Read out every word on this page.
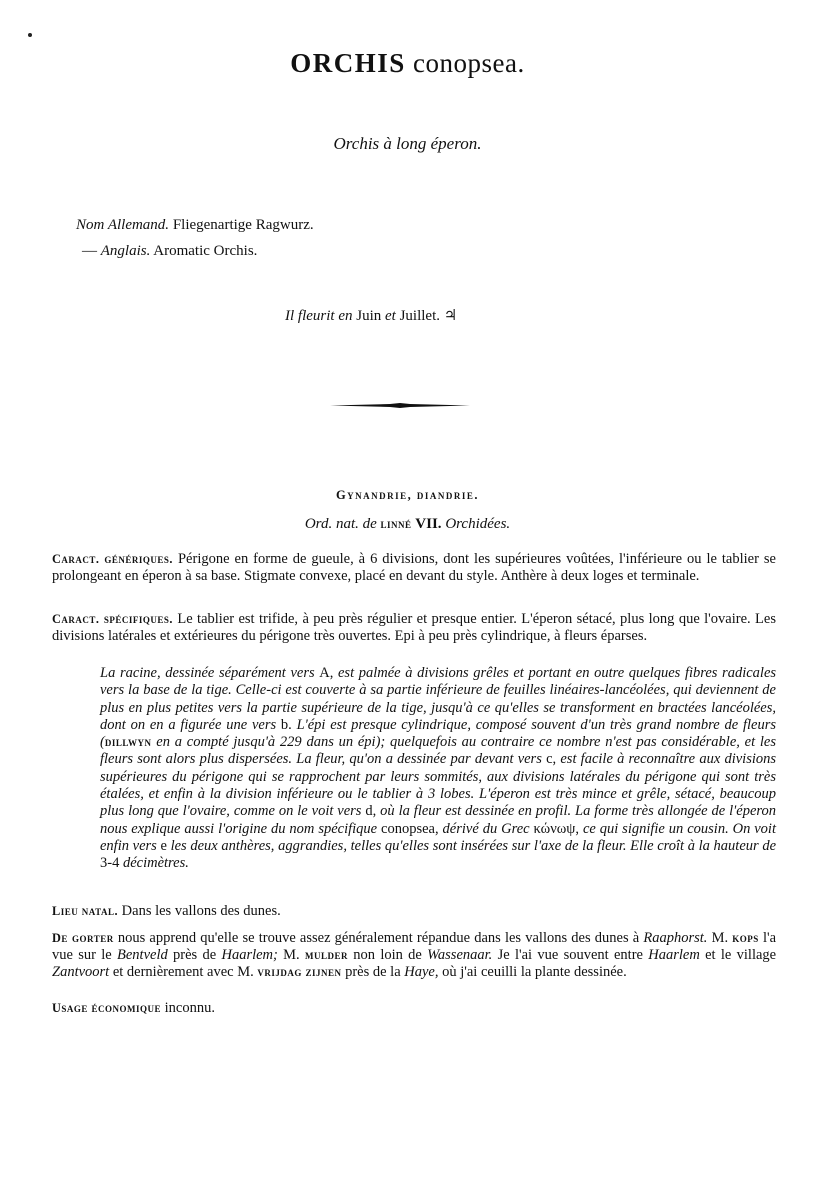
ORCHIS conopsea.
Orchis à long éperon.
Nom Allemand. Fliegenartige Ragwurz.
— Anglais. Aromatic Orchis.
Il fleurit en Juin et Juillet. ♃
Gynandrie, diandrie.
Ord. nat. de linné VII. Orchidées.
Caract. génériques. Périgone en forme de gueule, à 6 divisions, dont les supérieures voûtées, l'inférieure ou le tablier se prolongeant en éperon à sa base. Stigmate convexe, placé en devant du style. Anthère à deux loges et terminale.
Caract. spécifiques. Le tablier est trifide, à peu près régulier et presque entier. L'éperon sétacé, plus long que l'ovaire. Les divisions latérales et extérieures du périgone très ouvertes. Epi à peu près cylindrique, à fleurs éparses.
La racine, dessinée séparément vers A, est palmée à divisions grêles et portant en outre quelques fibres radicales vers la base de la tige. Celle-ci est couverte à sa partie inférieure de feuilles linéaires-lancéolées, qui deviennent de plus en plus petites vers la partie supérieure de la tige, jusqu'à ce qu'elles se transforment en bractées lancéolées, dont on en a figurée une vers b. L'épi est presque cylindrique, composé souvent d'un très grand nombre de fleurs (dillwyn en a compté jusqu'à 229 dans un épi); quelquefois au contraire ce nombre n'est pas considérable, et les fleurs sont alors plus dispersées. La fleur, qu'on a dessinée par devant vers c, est facile à reconnaître aux divisions supérieures du périgone qui se rapprochent par leurs sommités, aux divisions latérales du périgone qui sont très étalées, et enfin à la division inférieure ou le tablier à 3 lobes. L'éperon est très mince et grêle, sétacé, beaucoup plus long que l'ovaire, comme on le voit vers d, où la fleur est dessinée en profil. La forme très allongée de l'éperon nous explique aussi l'origine du nom spécifique conopsea, dérivé du Grec κώνωψ, ce qui signifie un cousin. On voit enfin vers e les deux anthères, aggrandies, telles qu'elles sont insérées sur l'axe de la fleur. Elle croît à la hauteur de 3-4 décimètres.
Lieu natal. Dans les vallons des dunes.
De gorter nous apprend qu'elle se trouve assez généralement répandue dans les vallons des dunes à Raaphorst. M. kops l'a vue sur le Bentveld près de Haarlem; M. mulder non loin de Wassenaar. Je l'ai vue souvent entre Haarlem et le village Zantvoort et dernièrement avec M. vrijdag zijnen près de la Haye, où j'ai ceuilli la plante dessinée.
Usage économique inconnu.
